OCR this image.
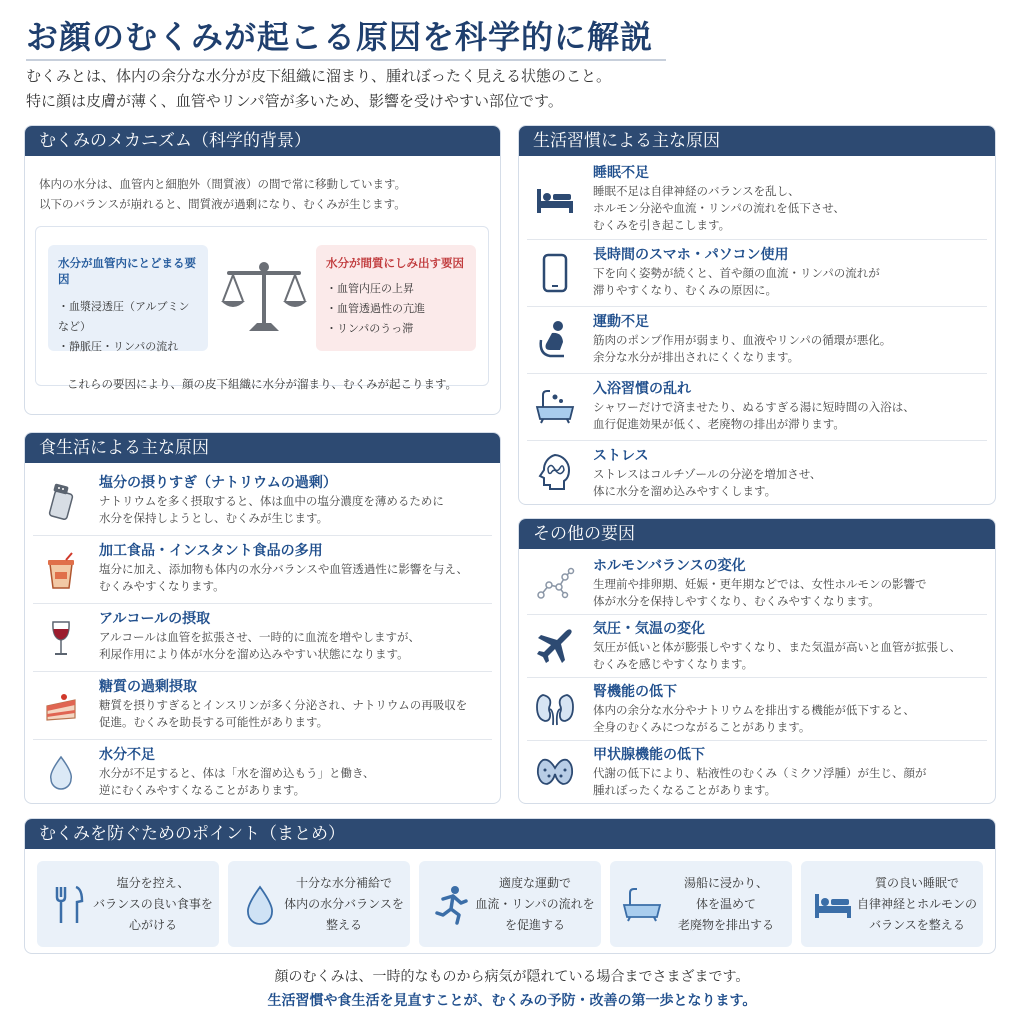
お顔のむくみが起こる原因を科学的に解説
むくみとは、体内の余分な水分が皮下組織に溜まり、腫れぼったく見える状態のこと。
特に顔は皮膚が薄く、血管やリンパ管が多いため、影響を受けやすい部位です。
むくみのメカニズム（科学的背景）
体内の水分は、血管内と細胞外（間質液）の間で常に移動しています。
以下のバランスが崩れると、間質液が過剰になり、むくみが生じます。
水分が血管内にとどまる要因
・血漿浸透圧（アルブミンなど）
・静脈圧・リンパの流れ
水分が間質にしみ出す要因
・血管内圧の上昇
・血管透過性の亢進
・リンパのうっ滞
これらの要因により、顔の皮下組織に水分が溜まり、むくみが起こります。
食生活による主な原因
塩分の摂りすぎ（ナトリウムの過剰）
ナトリウムを多く摂取すると、体は血中の塩分濃度を薄めるために
水分を保持しようとし、むくみが生じます。
加工食品・インスタント食品の多用
塩分に加え、添加物も体内の水分バランスや血管透過性に影響を与え、
むくみやすくなります。
アルコールの摂取
アルコールは血管を拡張させ、一時的に血流を増やしますが、
利尿作用により体が水分を溜め込みやすい状態になります。
糖質の過剰摂取
糖質を摂りすぎるとインスリンが多く分泌され、ナトリウムの再吸収を
促進。むくみを助長する可能性があります。
水分不足
水分が不足すると、体は「水を溜め込もう」と働き、
逆にむくみやすくなることがあります。
生活習慣による主な原因
睡眠不足
睡眠不足は自律神経のバランスを乱し、
ホルモン分泌や血流・リンパの流れを低下させ、
むくみを引き起こします。
長時間のスマホ・パソコン使用
下を向く姿勢が続くと、首や顔の血流・リンパの流れが
滞りやすくなり、むくみの原因に。
運動不足
筋肉のポンプ作用が弱まり、血液やリンパの循環が悪化。
余分な水分が排出されにくくなります。
入浴習慣の乱れ
シャワーだけで済ませたり、ぬるすぎる湯に短時間の入浴は、
血行促進効果が低く、老廃物の排出が滞ります。
ストレス
ストレスはコルチゾールの分泌を増加させ、
体に水分を溜め込みやすくします。
その他の要因
ホルモンバランスの変化
生理前や排卵期、妊娠・更年期などでは、女性ホルモンの影響で
体が水分を保持しやすくなり、むくみやすくなります。
気圧・気温の変化
気圧が低いと体が膨張しやすくなり、また気温が高いと血管が拡張し、
むくみを感じやすくなります。
腎機能の低下
体内の余分な水分やナトリウムを排出する機能が低下すると、
全身のむくみにつながることがあります。
甲状腺機能の低下
代謝の低下により、粘液性のむくみ（ミクソ浮腫）が生じ、顔が
腫れぼったくなることがあります。
むくみを防ぐためのポイント（まとめ）
塩分を控え、
バランスの良い食事を
心がける
十分な水分補給で
体内の水分バランスを
整える
適度な運動で
血流・リンパの流れを
を促進する
湯船に浸かり、
体を温めて
老廃物を排出する
質の良い睡眠で
自律神経とホルモンの
バランスを整える
顔のむくみは、一時的なものから病気が隠れている場合までさまざまです。
生活習慣や食生活を見直すことが、むくみの予防・改善の第一歩となります。
